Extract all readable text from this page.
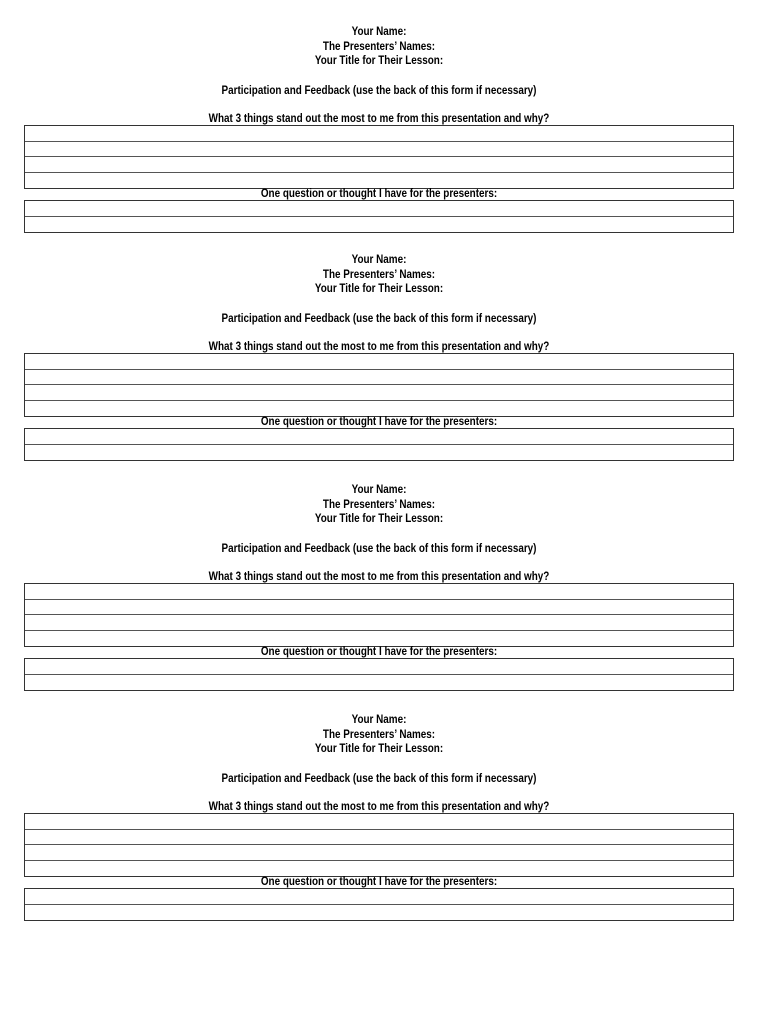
Your Name:

The Presenters’ Names:

Your Title for Their Lesson:

Participation and Feedback (use the back of this form if necessary)

What 3 things stand out the most to me from this presentation and why?

One question or thought I have for the presenters:

Your Name:

The Presenters’ Names:

Your Title for Their Lesson:

Participation and Feedback (use the back of this form if necessary)

What 3 things stand out the most to me from this presentation and why?

One question or thought I have for the presenters:

Your Name:

The Presenters’ Names:

Your Title for Their Lesson:

Participation and Feedback (use the back of this form if necessary)

What 3 things stand out the most to me from this presentation and why?

One question or thought I have for the presenters:

Your Name:

The Presenters’ Names:

Your Title for Their Lesson:

Participation and Feedback (use the back of this form if necessary)

What 3 things stand out the most to me from this presentation and why?

One question or thought I have for the presenters:
